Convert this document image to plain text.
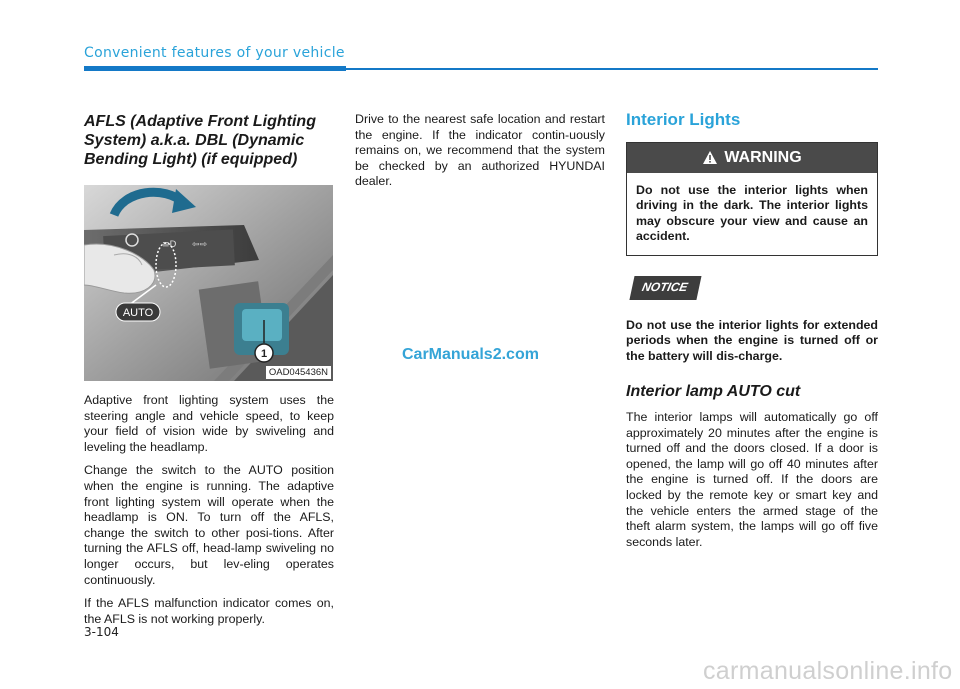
Convenient features of your vehicle
AFLS (Adaptive Front Lighting System) a.k.a. DBL (Dynamic Bending Light) (if equipped)
≡D ⇦⇨
AUTO
1
OAD045436N

Adaptive front lighting system uses the steering angle and vehicle speed, to keep your field of vision wide by swiveling and leveling the headlamp.

Change the switch to the AUTO position when the engine is running. The adaptive front lighting system will operate when the headlamp is ON. To turn off the AFLS, change the switch to other posi-tions. After turning the AFLS off, head-lamp swiveling no longer occurs, but lev-eling operates continuously.

If the AFLS malfunction indicator comes on, the AFLS is not working properly.

Drive to the nearest safe location and restart the engine. If the indicator contin-uously remains on, we recommend that the system be checked by an authorized HYUNDAI dealer.

Interior Lights
WARNING
Do not use the interior lights when driving in the dark. The interior lights may obscure your view and cause an accident.
NOTICE

Do not use the interior lights for extended periods when the engine is turned off or the battery will dis-charge.

Interior lamp AUTO cut

The interior lamps will automatically go off approximately 20 minutes after the engine is turned off and the doors closed. If a door is opened, the lamp will go off 40 minutes after the engine is turned off. If the doors are locked by the remote key or smart key and the vehicle enters the armed stage of the theft alarm system, the lamps will go off five seconds later.

CarManuals2.com
3-104
carmanualsonline.info
